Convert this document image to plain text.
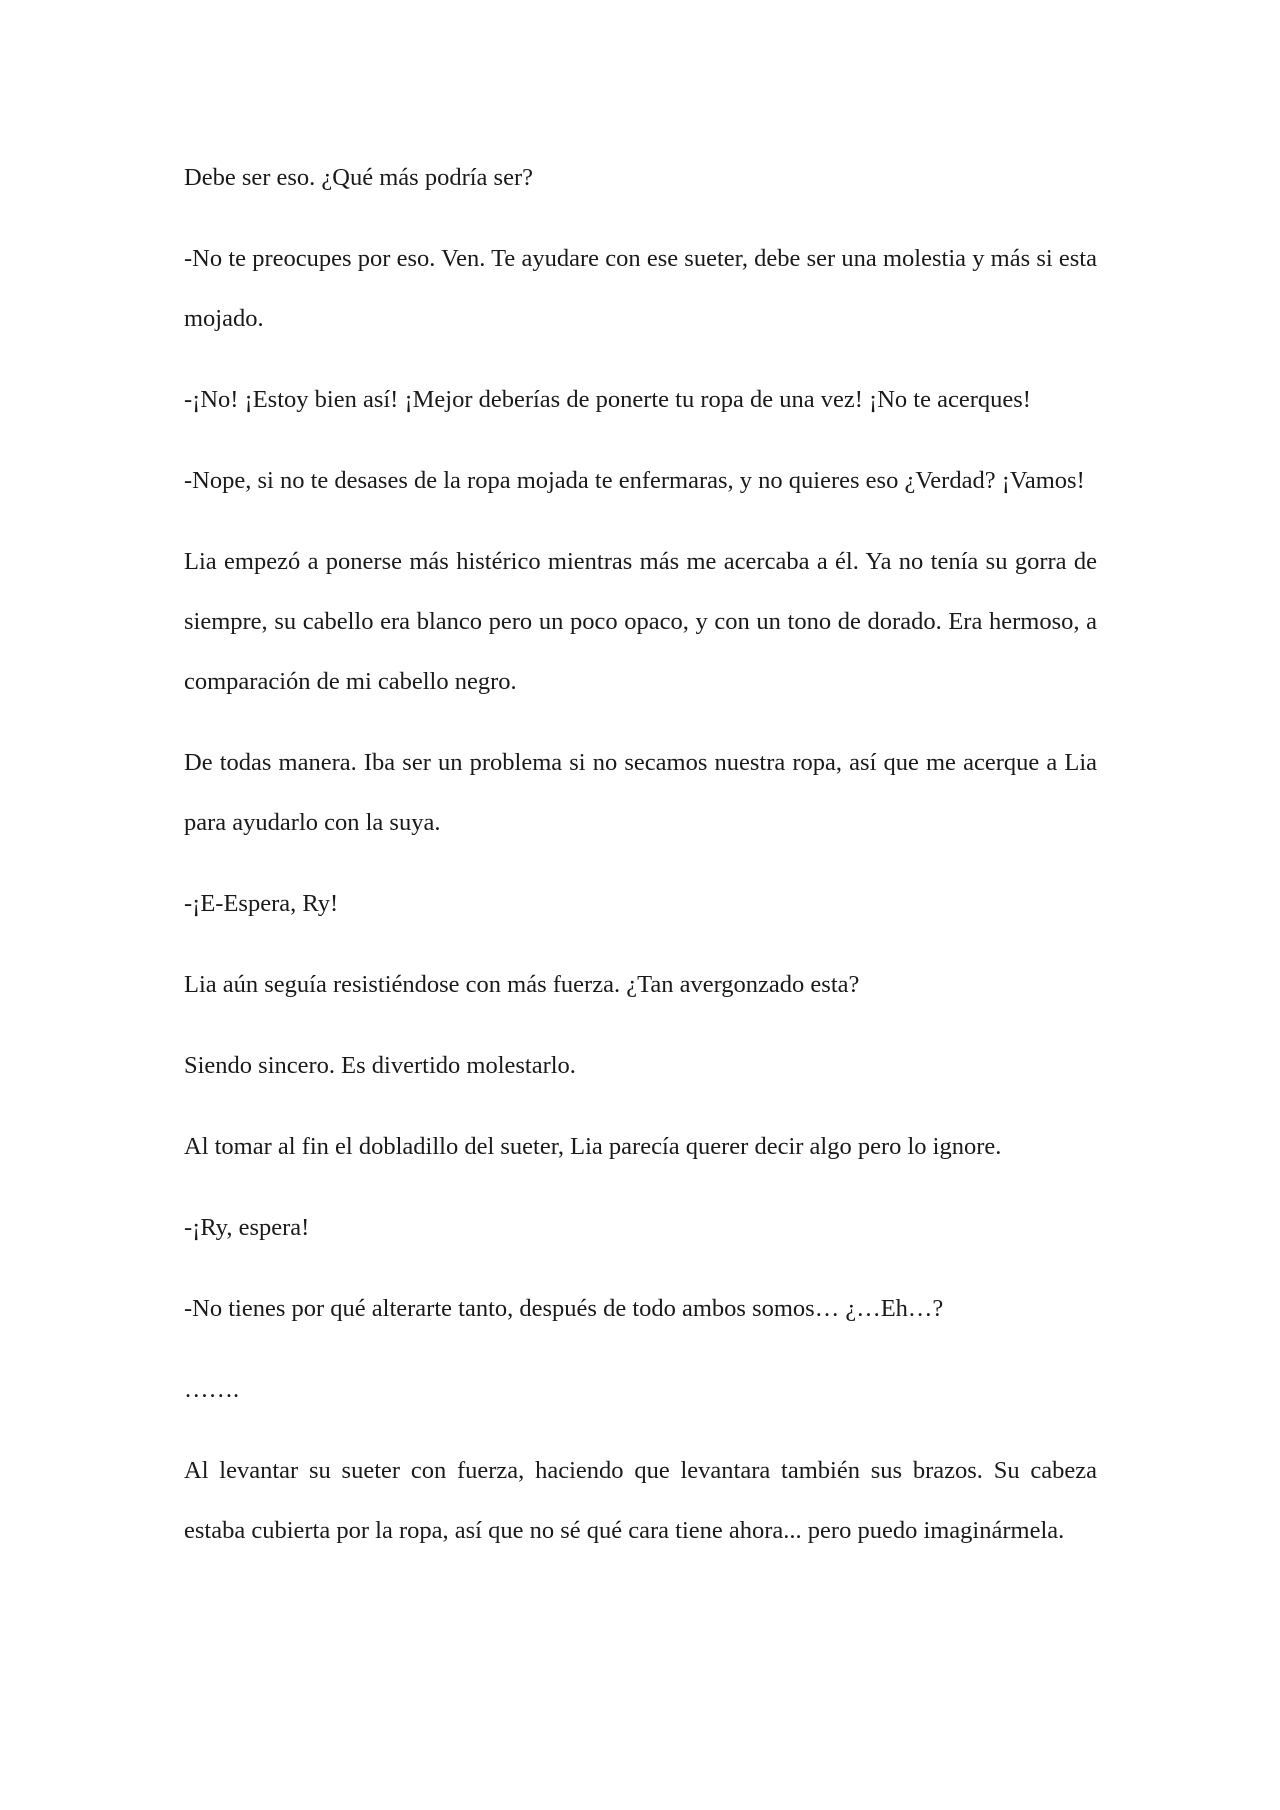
Debe ser eso. ¿Qué más podría ser?

-No te preocupes por eso. Ven. Te ayudare con ese sueter, debe ser una molestia y más si esta mojado.

-¡No! ¡Estoy bien así! ¡Mejor deberías de ponerte tu ropa de una vez! ¡No te acerques!

-Nope, si no te desases de la ropa mojada te enfermaras, y no quieres eso ¿Verdad? ¡Vamos!

Lia empezó a ponerse más histérico mientras más me acercaba a él. Ya no tenía su gorra de siempre, su cabello era blanco pero un poco opaco, y con un tono de dorado. Era hermoso, a comparación de mi cabello negro.

De todas manera. Iba ser un problema si no secamos nuestra ropa, así que me acerque a Lia para ayudarlo con la suya.

-¡E-Espera, Ry!

Lia aún seguía resistiéndose con más fuerza. ¿Tan avergonzado esta?

Siendo sincero. Es divertido molestarlo.

Al tomar al fin el dobladillo del sueter, Lia parecía querer decir algo pero lo ignore.

-¡Ry, espera!

-No tienes por qué alterarte tanto, después de todo ambos somos… ¿…Eh…?

…….

Al levantar su sueter con fuerza, haciendo que levantara también sus brazos. Su cabeza estaba cubierta por la ropa, así que no sé qué cara tiene ahora... pero puedo imaginármela.
